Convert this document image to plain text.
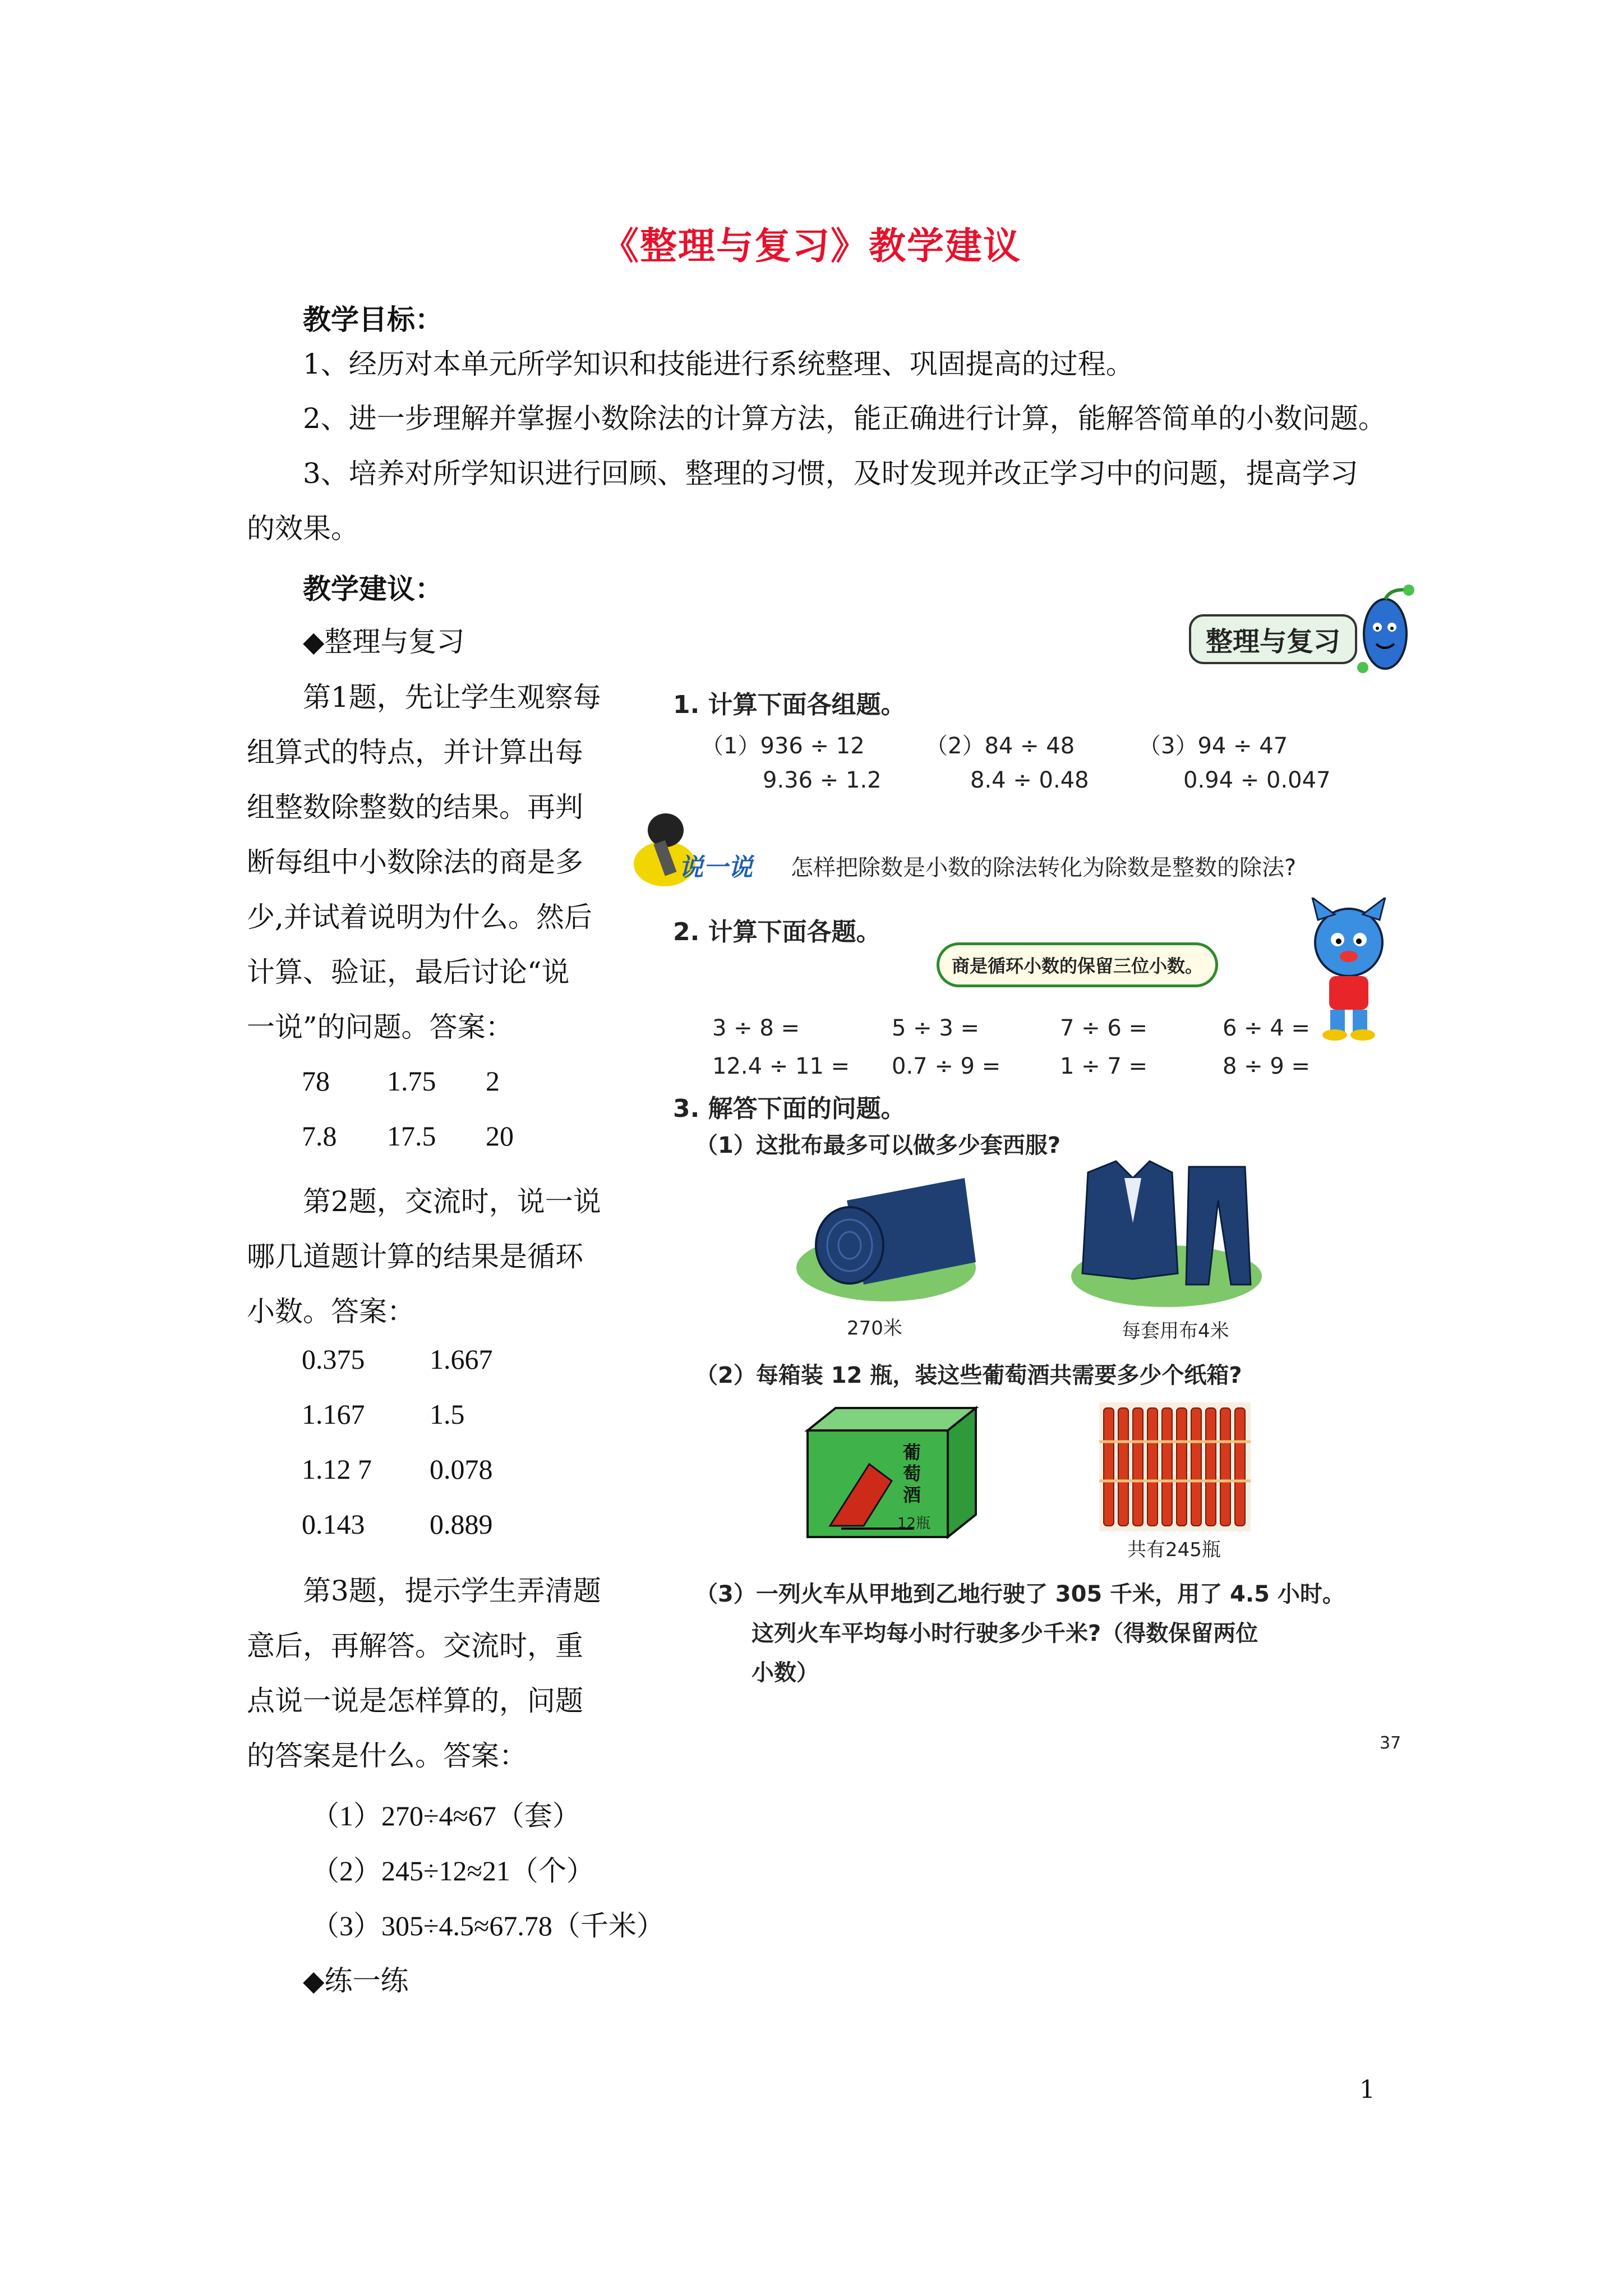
《整理与复习》教学建议
教学目标：
1、经历对本单元所学知识和技能进行系统整理、巩固提高的过程。
2、进一步理解并掌握小数除法的计算方法，能正确进行计算，能解答简单的小数问题。
3、培养对所学知识进行回顾、整理的习惯，及时发现并改正学习中的问题，提高学习
的效果。
教学建议：
◆整理与复习
第1题，先让学生观察每
组算式的特点，并计算出每
组整数除整数的结果。再判
断每组中小数除法的商是多
少,并试着说明为什么。然后
计算、验证，最后讨论“说
一说”的问题。答案：
78 1.75 2
7.8 17.5 20
第2题，交流时，说一说
哪几道题计算的结果是循环
小数。答案：
0.375 1.667
1.167 1.5
1.12 7 0.078
0.143 0.889
第3题，提示学生弄清题
意后，再解答。交流时，重
点说一说是怎样算的，问题
的答案是什么。答案：
（1）270÷4≈67（套）
（2）245÷12≈21（个）
（3）305÷4.5≈67.78（千米）
◆练一练
整理与复习
1. 计算下面各组题。
（1）936 ÷ 12	（2）84 ÷ 48	（3）94 ÷ 47
9.36 ÷ 1.2	8.4 ÷ 0.48	0.94 ÷ 0.047
说一说 怎样把除数是小数的除法转化为除数是整数的除法?
2. 计算下面各题。
商是循环小数的保留三位小数。
3 ÷ 8 =	5 ÷ 3 =	7 ÷ 6 =	6 ÷ 4 =
12.4 ÷ 11 = 0.7 ÷ 9 =	1 ÷ 7 =	8 ÷ 9 =
3. 解答下面的问题。
（1）这批布最多可以做多少套西服?
270米	每套用布4米
（2）每箱装 12 瓶，装这些葡萄酒共需要多少个纸箱?
葡萄酒
12瓶
共有245瓶
（3）一列火车从甲地到乙地行驶了 305 千米，用了 4.5 小时。
这列火车平均每小时行驶多少千米?（得数保留两位
小数）
37
1
